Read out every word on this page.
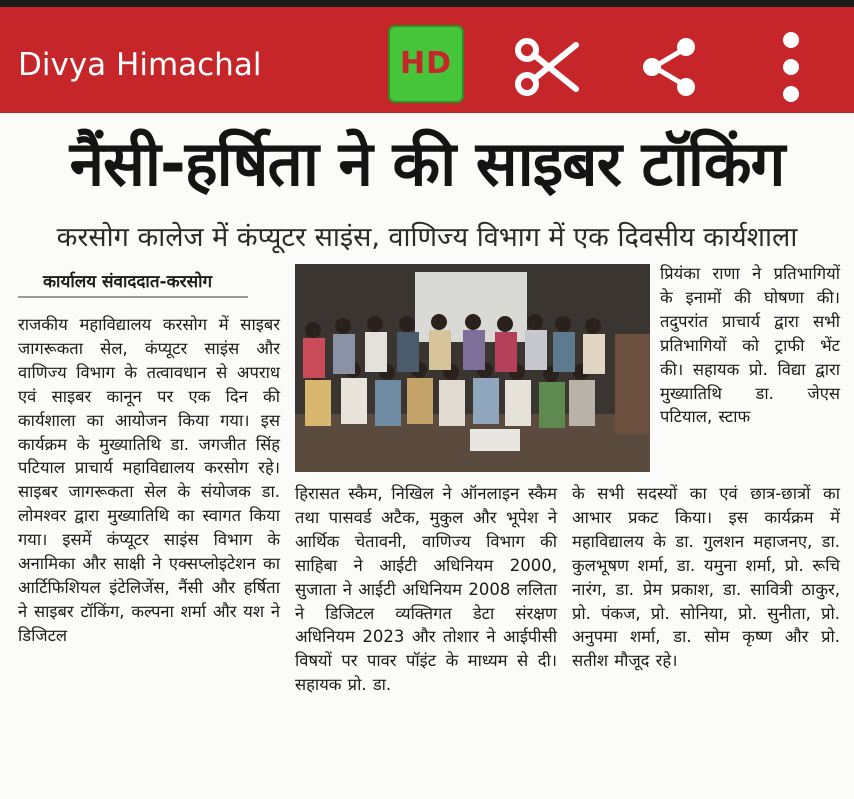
Divya Himachal	HD
नैंसी-हर्षिता ने की साइबर टॉकिंग
करसोग कालेज में कंप्यूटर साइंस, वाणिज्य विभाग में एक दिवसीय कार्यशाला
कार्यालय संवाददात-करसोग
राजकीय महाविद्यालय करसोग में साइबर जागरूकता सेल, कंप्यूटर साइंस और वाणिज्य विभाग के तत्वावधान से अपराध एवं साइबर कानून पर एक दिन की कार्यशाला का आयोजन किया गया। इस कार्यक्रम के मुख्यातिथि डा. जगजीत सिंह पटियाल प्राचार्य महाविद्यालय करसोग रहे। साइबर जागरूकता सेल के संयोजक डा. लोमश्वर द्वारा मुख्यातिथि का स्वागत किया गया। इसमें कंप्यूटर साइंस विभाग के अनामिका और साक्षी ने एक्सप्लोइटेशन का आर्टिफिशियल इंटेलिजेंस, नैंसी और हर्षिता ने साइबर टॉकिंग, कल्पना शर्मा और यश ने डिजिटल
हिरासत स्कैम, निखिल ने ऑनलाइन स्कैम तथा पासवर्ड अटैक, मुकुल और भूपेश ने आर्थिक चेतावनी, वाणिज्य विभाग की साहिबा ने आईटी अधिनियम 2000, सुजाता ने आईटी अधिनियम 2008 ललिता ने डिजिटल व्यक्तिगत डेटा संरक्षण अधिनियम 2023 और तोशार ने आईपीसी विषयों पर पावर पॉइंट के माध्यम से दी। सहायक प्रो. डा.
प्रियंका राणा ने प्रतिभागियों के इनामों की घोषणा की। तदुपरांत प्राचार्य द्वारा सभी प्रतिभागियों को ट्राफी भेंट की। सहायक प्रो. विद्या द्वारा मुख्यातिथि डा. जेएस पटियाल, स्टाफ
के सभी सदस्यों का एवं छात्र-छात्रों का आभार प्रकट किया। इस कार्यक्रम में महाविद्यालय के डा. गुलशन महाजनए, डा. कुलभूषण शर्मा, डा. यमुना शर्मा, प्रो. रूचि नारंग, डा. प्रेम प्रकाश, डा. सावित्री ठाकुर, प्रो. पंकज, प्रो. सोनिया, प्रो. सुनीता, प्रो. अनुपमा शर्मा, डा. सोम कृष्ण और प्रो. सतीश मौजूद रहे।
